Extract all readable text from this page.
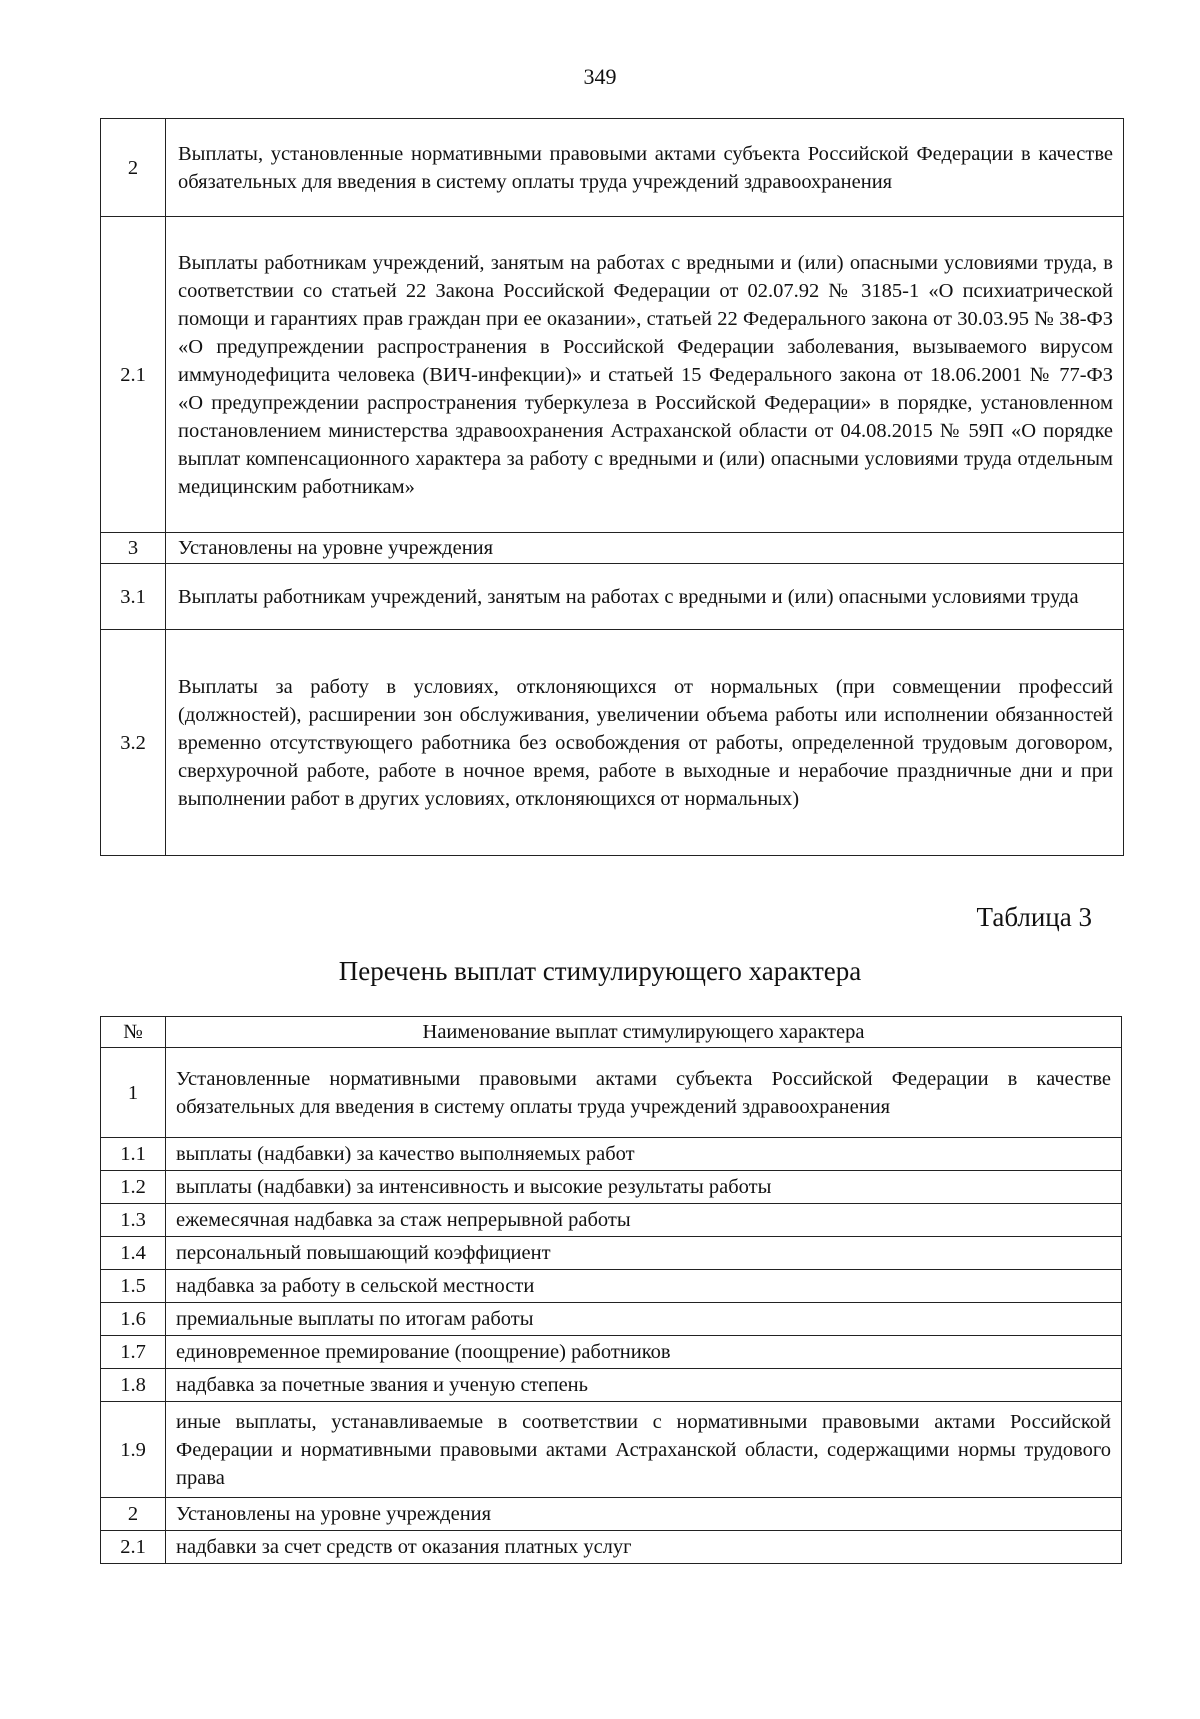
349
2	Выплаты, установленные нормативными правовыми актами субъекта Российской Федерации в качестве обязательных для введения в систему оплаты труда учреждений здравоохранения
2.1	Выплаты работникам учреждений, занятым на работах с вредными и (или) опасными условиями труда, в соответствии со статьей 22 Закона Российской Федерации от 02.07.92 № 3185-1 «О психиатрической помощи и гарантиях прав граждан при ее оказании», статьей 22 Федерального закона от 30.03.95 № 38-ФЗ «О предупреждении распространения в Российской Федерации заболевания, вызываемого вирусом иммунодефицита человека (ВИЧ-инфекции)» и статьей 15 Федерального закона от 18.06.2001 № 77-ФЗ «О предупреждении распространения туберкулеза в Российской Федерации» в порядке, установленном постановлением министерства здравоохранения Астраханской области от 04.08.2015 № 59П «О порядке выплат компенсационного характера за работу с вредными и (или) опасными условиями труда отдельным медицинским работникам»
3	Установлены на уровне учреждения
3.1	Выплаты работникам учреждений, занятым на работах с вредными и (или) опасными условиями труда
3.2	Выплаты за работу в условиях, отклоняющихся от нормальных (при совмещении профессий (должностей), расширении зон обслуживания, увеличении объема работы или исполнении обязанностей временно отсутствующего работника без освобождения от работы, определенной трудовым договором, сверхурочной работе, работе в ночное время, работе в выходные и нерабочие праздничные дни и при выполнении работ в других условиях, отклоняющихся от нормальных)
Таблица 3
Перечень выплат стимулирующего характера
№	Наименование выплат стимулирующего характера
1	Установленные нормативными правовыми актами субъекта Российской Федерации в качестве обязательных для введения в систему оплаты труда учреждений здравоохранения
1.1	выплаты (надбавки) за качество выполняемых работ
1.2	выплаты (надбавки) за интенсивность и высокие результаты работы
1.3	ежемесячная надбавка за стаж непрерывной работы
1.4	персональный повышающий коэффициент
1.5	надбавка за работу в сельской местности
1.6	премиальные выплаты по итогам работы
1.7	единовременное премирование (поощрение) работников
1.8	надбавка за почетные звания и ученую степень
1.9	иные выплаты, устанавливаемые в соответствии с нормативными правовыми актами Российской Федерации и нормативными правовыми актами Астраханской области, содержащими нормы трудового права
2	Установлены на уровне учреждения
2.1	надбавки за счет средств от оказания платных услуг
